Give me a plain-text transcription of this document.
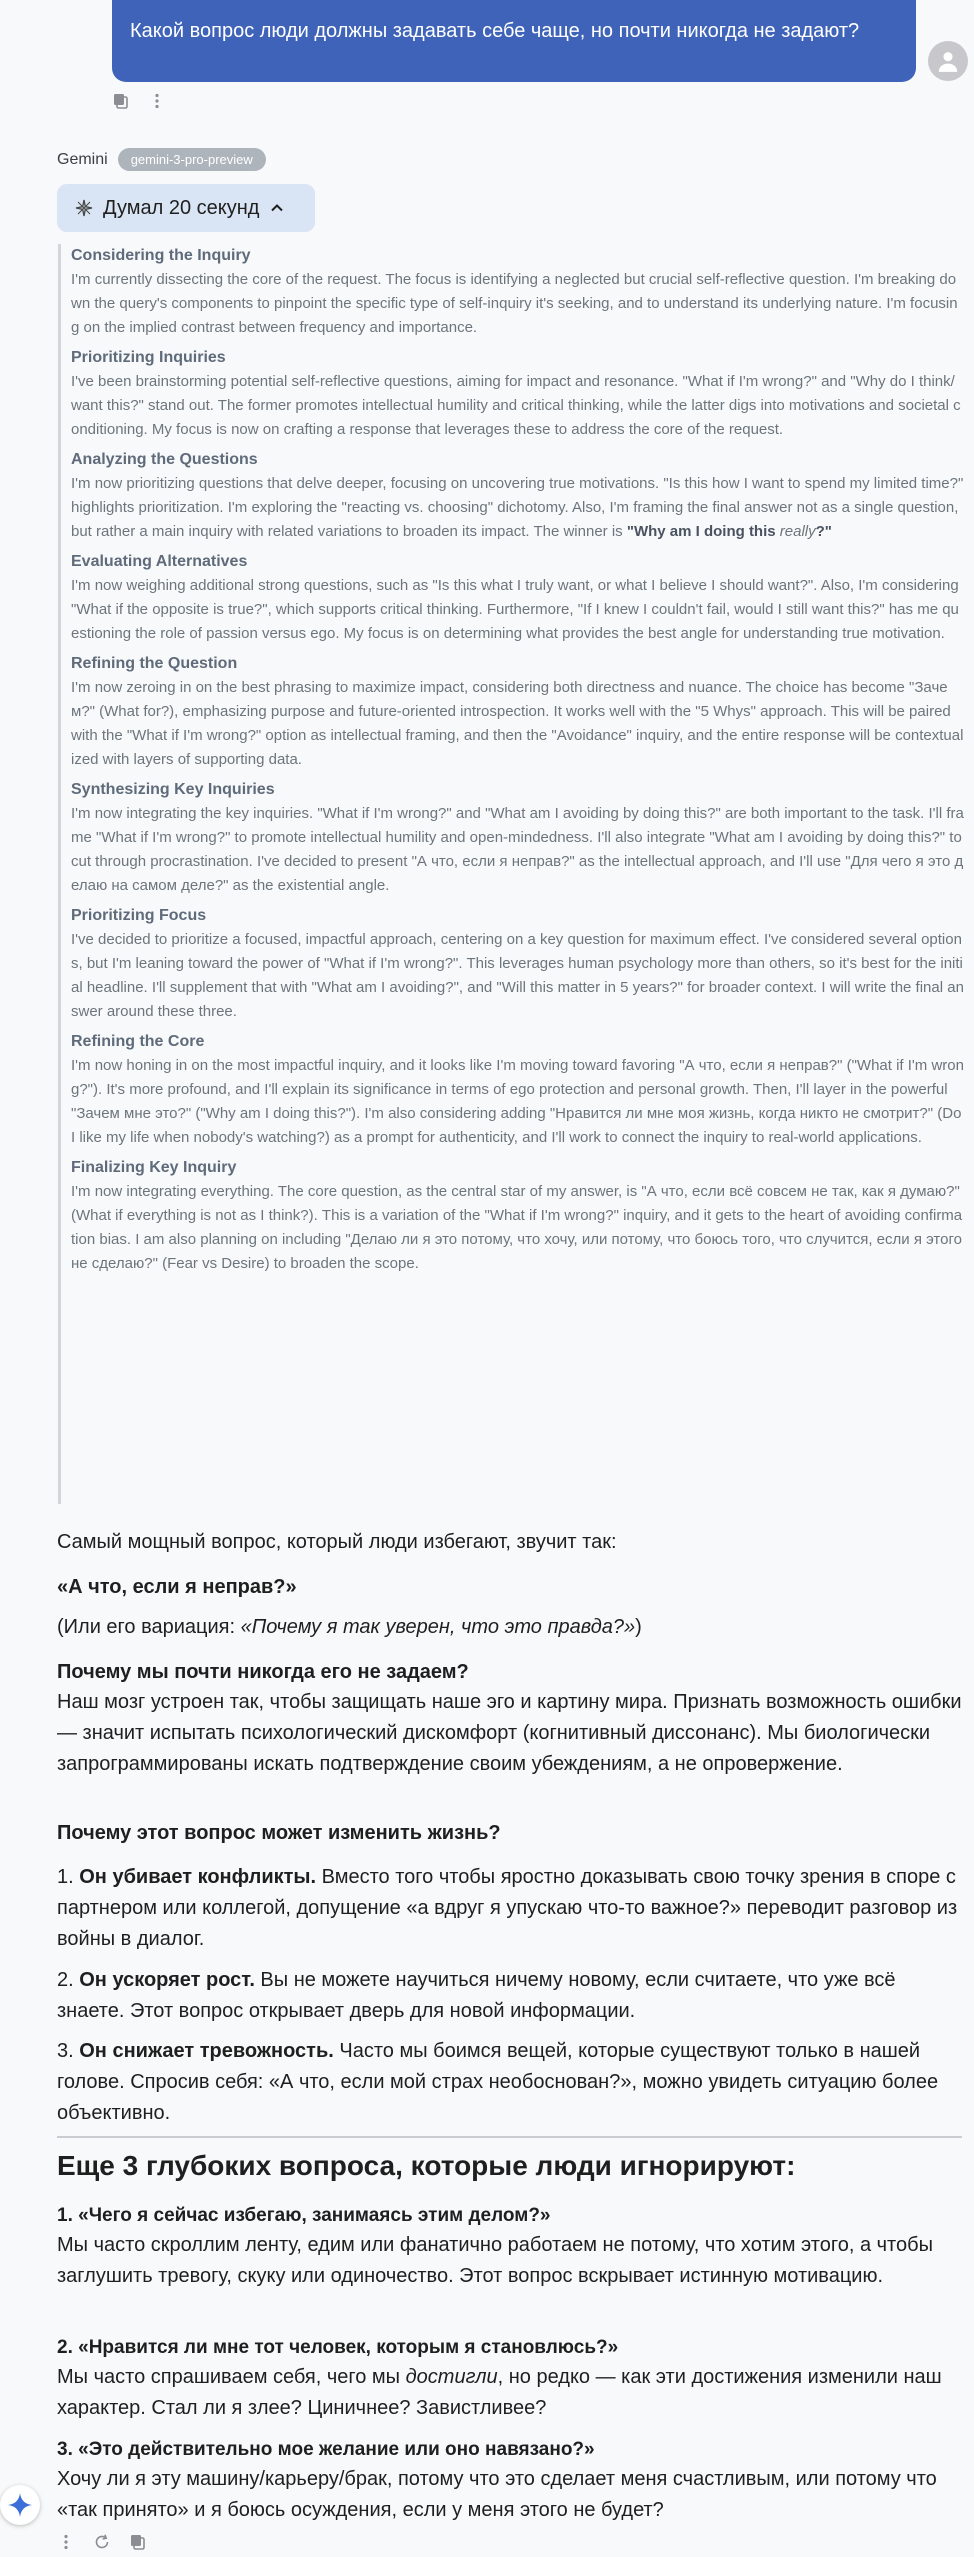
Какой вопрос люди должны задавать себе чаще, но почти никогда не задают?
Gemini	gemini-3-pro-preview
Думал 20 секунд

Considering the Inquiry

I'm currently dissecting the core of the request. The focus is identifying a neglected but crucial self-reflective question. I'm breaking down the query's components to pinpoint the specific type of self-inquiry it's seeking, and to understand its underlying nature. I'm focusing on the implied contrast between frequency and importance.

Prioritizing Inquiries

I've been brainstorming potential self-reflective questions, aiming for impact and resonance. "What if I'm wrong?" and "Why do I think/want this?" stand out. The former promotes intellectual humility and critical thinking, while the latter digs into motivations and societal conditioning. My focus is now on crafting a response that leverages these to address the core of the request.

Analyzing the Questions

I'm now prioritizing questions that delve deeper, focusing on uncovering true motivations. "Is this how I want to spend my limited time?" highlights prioritization. I'm exploring the "reacting vs. choosing" dichotomy. Also, I'm framing the final answer not as a single question, but rather a main inquiry with related variations to broaden its impact. The winner is "Why am I doing this really?"

Evaluating Alternatives

I'm now weighing additional strong questions, such as "Is this what I truly want, or what I believe I should want?". Also, I'm considering "What if the opposite is true?", which supports critical thinking. Furthermore, "If I knew I couldn't fail, would I still want this?" has me questioning the role of passion versus ego. My focus is on determining what provides the best angle for understanding true motivation.

Refining the Question

I'm now zeroing in on the best phrasing to maximize impact, considering both directness and nuance. The choice has become "Зачем?" (What for?), emphasizing purpose and future-oriented introspection. It works well with the "5 Whys" approach. This will be paired with the "What if I'm wrong?" option as intellectual framing, and then the "Avoidance" inquiry, and the entire response will be contextualized with layers of supporting data.

Synthesizing Key Inquiries

I'm now integrating the key inquiries. "What if I'm wrong?" and "What am I avoiding by doing this?" are both important to the task. I'll frame "What if I'm wrong?" to promote intellectual humility and open-mindedness. I'll also integrate "What am I avoiding by doing this?" to cut through procrastination. I've decided to present "А что, если я неправ?" as the intellectual approach, and I'll use "Для чего я это делаю на самом деле?" as the existential angle.

Prioritizing Focus

I've decided to prioritize a focused, impactful approach, centering on a key question for maximum effect. I've considered several options, but I'm leaning toward the power of "What if I'm wrong?". This leverages human psychology more than others, so it's best for the initial headline. I'll supplement that with "What am I avoiding?", and "Will this matter in 5 years?" for broader context. I will write the final answer around these three.

Refining the Core

I'm now honing in on the most impactful inquiry, and it looks like I'm moving toward favoring "А что, если я неправ?" ("What if I'm wrong?"). It's more profound, and I'll explain its significance in terms of ego protection and personal growth. Then, I'll layer in the powerful "Зачем мне это?" ("Why am I doing this?"). I'm also considering adding "Нравится ли мне моя жизнь, когда никто не смотрит?" (Do I like my life when nobody's watching?) as a prompt for authenticity, and I'll work to connect the inquiry to real-world applications.

Finalizing Key Inquiry

I'm now integrating everything. The core question, as the central star of my answer, is "А что, если всё совсем не так, как я думаю?" (What if everything is not as I think?). This is a variation of the "What if I'm wrong?" inquiry, and it gets to the heart of avoiding confirmation bias. I am also planning on including "Делаю ли я это потому, что хочу, или потому, что боюсь того, что случится, если я этого не сделаю?" (Fear vs Desire) to broaden the scope.

Самый мощный вопрос, который люди избегают, звучит так:
«А что, если я неправ?»
(Или его вариация: «Почему я так уверен, что это правда?»)
Почему мы почти никогда его не задаем?
Наш мозг устроен так, чтобы защищать наше эго и картину мира. Признать возможность ошибки — значит испытать психологический дискомфорт (когнитивный диссонанс). Мы биологически запрограммированы искать подтверждение своим убеждениям, а не опровержение.
Почему этот вопрос может изменить жизнь?
1. Он убивает конфликты. Вместо того чтобы яростно доказывать свою точку зрения в споре с партнером или коллегой, допущение «а вдруг я упускаю что-то важное?» переводит разговор из войны в диалог.
2. Он ускоряет рост. Вы не можете научиться ничему новому, если считаете, что уже всё знаете. Этот вопрос открывает дверь для новой информации.
3. Он снижает тревожность. Часто мы боимся вещей, которые существуют только в нашей голове. Спросив себя: «А что, если мой страх необоснован?», можно увидеть ситуацию более объективно.
Еще 3 глубоких вопроса, которые люди игнорируют:
1. «Чего я сейчас избегаю, занимаясь этим делом?»
Мы часто скроллим ленту, едим или фанатично работаем не потому, что хотим этого, а чтобы заглушить тревогу, скуку или одиночество. Этот вопрос вскрывает истинную мотивацию.
2. «Нравится ли мне тот человек, которым я становлюсь?»
Мы часто спрашиваем себя, чего мы достигли, но редко — как эти достижения изменили наш характер. Стал ли я злее? Циничнее? Завистливее?
3. «Это действительно мое желание или оно навязано?»
Хочу ли я эту машину/карьеру/брак, потому что это сделает меня счастливым, или потому что «так принято» и я боюсь осуждения, если у меня этого не будет?
